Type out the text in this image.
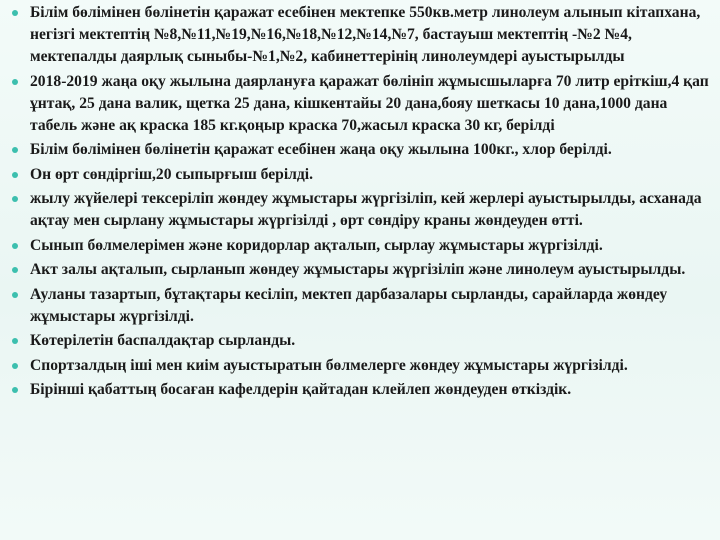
Білім бөлімінен бөлінетін қаражат есебінен мектепке 550кв.метр линолеум алынып кітапхана, негізгі мектептің №8,№11,№19,№16,№18,№12,№14,№7, бастауыш мектептің -№2 №4, мектепалды даярлық сыныбы-№1,№2, кабинеттерінің линолеумдері ауыстырылды
2018-2019 жаңа оқу жылына даярлануға қаражат бөлініп жұмысшыларға 70 литр еріткіш,4 қап ұнтақ, 25 дана валик, щетка 25 дана, кішкентайы 20 дана,бояу шеткасы 10 дана,1000 дана табель және ақ краска 185 кг.қоңыр краска 70,жасыл краска 30 кг, берілді
Білім бөлімінен бөлінетін қаражат есебінен жаңа оқу жылына 100кг., хлор берілді.
Он өрт сөндіргіш,20 сыпырғыш берілді.
жылу жүйелері тексеріліп жөндеу жұмыстары жүргізіліп, кей жерлері ауыстырылды, асханада ақтау мен сырлану жұмыстары жүргізілді , өрт сөндіру краны жөндеуден өтті.
Сынып бөлмелерімен және коридорлар ақталып, сырлау жұмыстары жүргізілді.
Акт залы ақталып, сырланып жөндеу жұмыстары жүргізіліп және линолеум ауыстырылды.
Ауланы тазартып, бұтақтары кесіліп, мектеп дарбазалары сырланды, сарайларда жөндеу жұмыстары жүргізілді.
Көтерілетін баспалдақтар сырланды.
Спортзалдың іші мен киім ауыстыратын бөлмелерге жөндеу жұмыстары жүргізілді.
Бірінші қабаттың босаған кафелдерін қайтадан клейлеп жөндеуден өткіздік.
